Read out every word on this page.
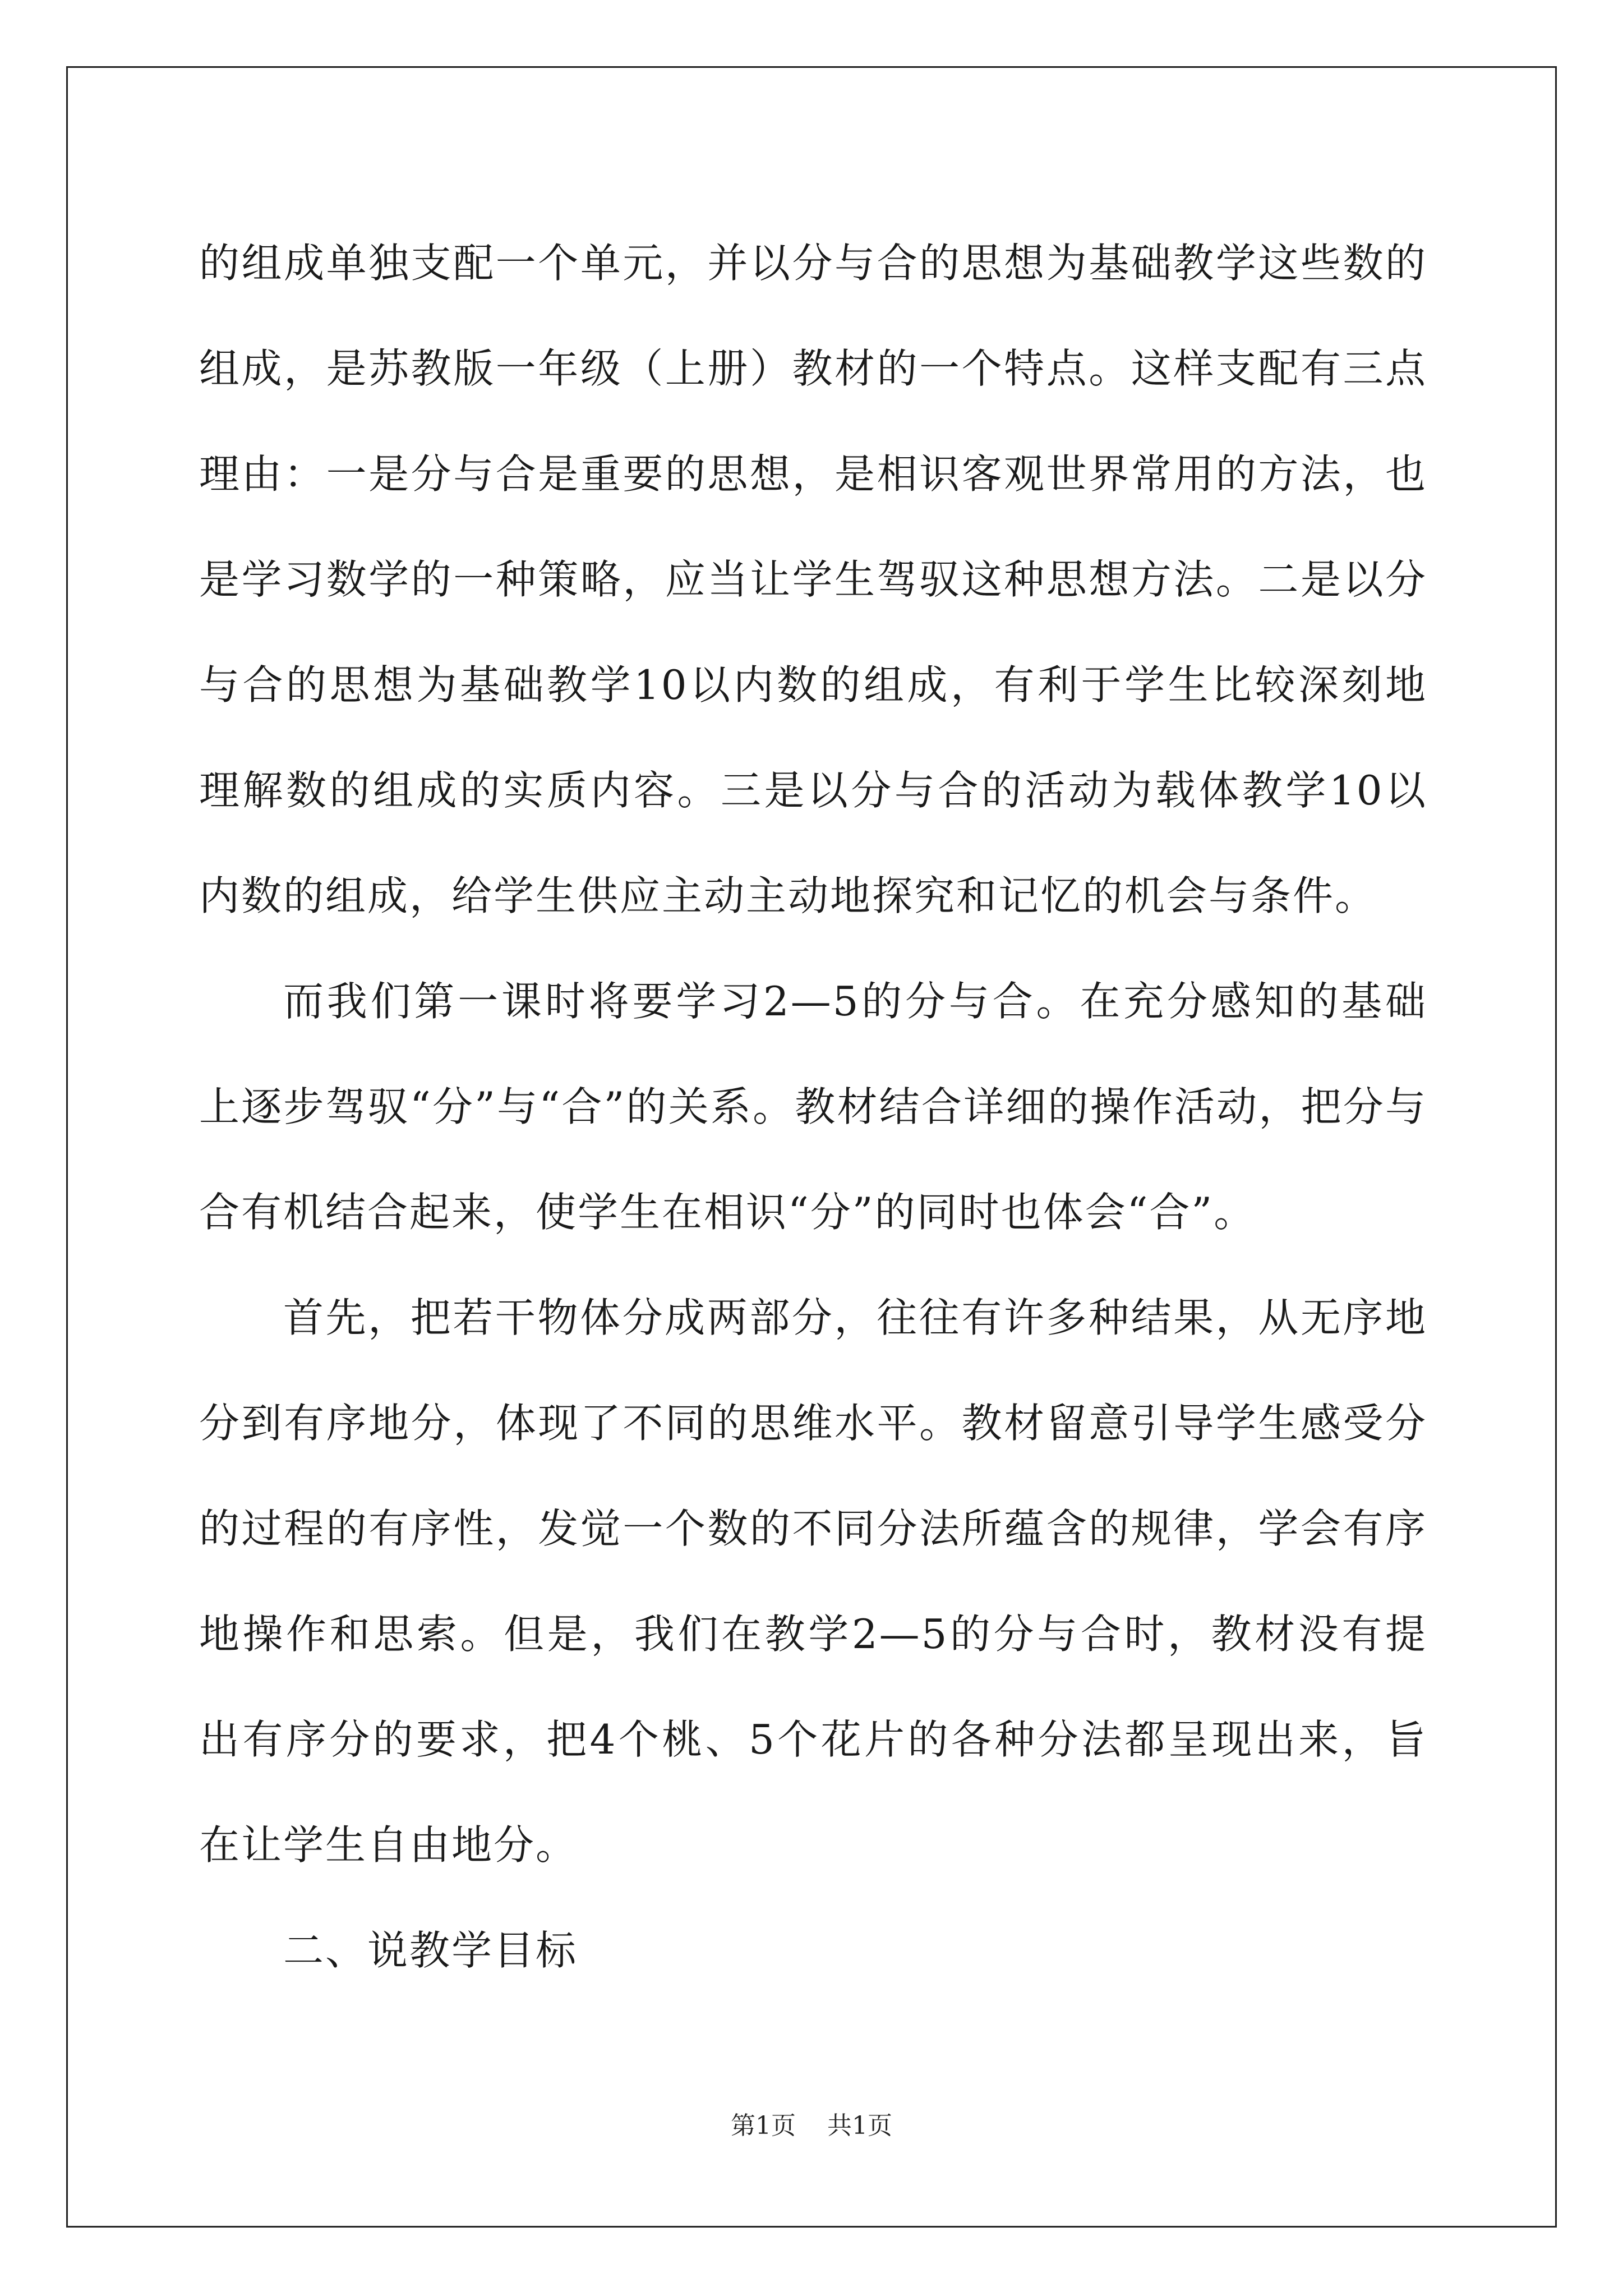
的组成单独支配一个单元，并以分与合的思想为基础教学这些数的组成，是苏教版一年级（上册）教材的一个特点。这样支配有三点理由：一是分与合是重要的思想，是相识客观世界常用的方法，也是学习数学的一种策略，应当让学生驾驭这种思想方法。二是以分与合的思想为基础教学10以内数的组成，有利于学生比较深刻地理解数的组成的实质内容。三是以分与合的活动为载体教学10以内数的组成，给学生供应主动主动地探究和记忆的机会与条件。

而我们第一课时将要学习2—5的分与合。在充分感知的基础上逐步驾驭“分”与“合”的关系。教材结合详细的操作活动，把分与合有机结合起来，使学生在相识“分”的同时也体会“合”。

首先，把若干物体分成两部分，往往有许多种结果，从无序地分到有序地分，体现了不同的思维水平。教材留意引导学生感受分的过程的有序性，发觉一个数的不同分法所蕴含的规律，学会有序地操作和思索。但是，我们在教学2—5的分与合时，教材没有提出有序分的要求，把4个桃、5个花片的各种分法都呈现出来，旨在让学生自由地分。

二、说教学目标

第1页 共1页
